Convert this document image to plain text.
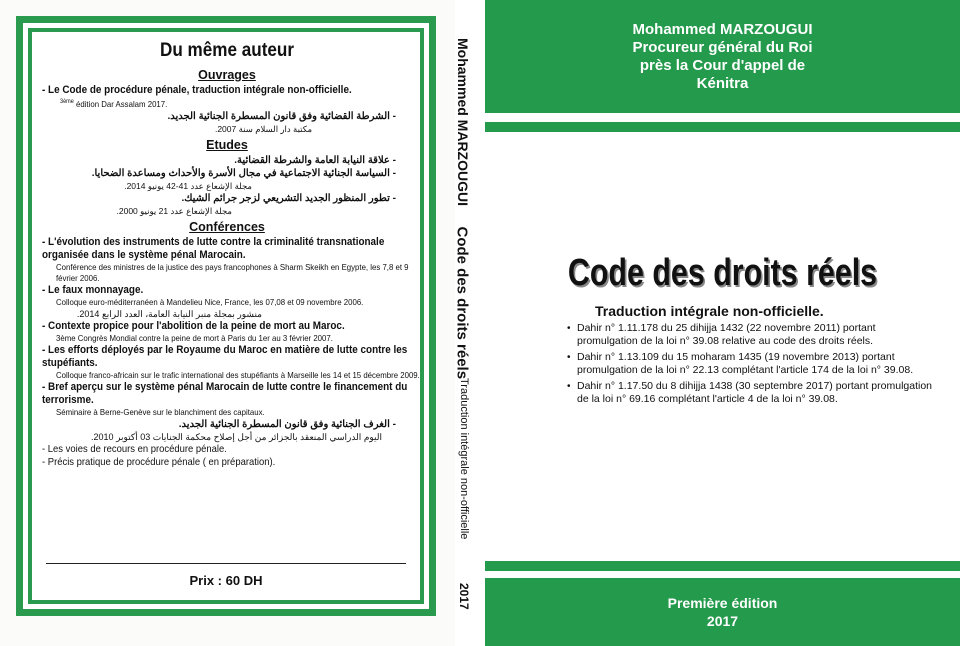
Du même auteur
Ouvrages
- Le Code de procédure pénale, traduction intégrale non-officielle.
$^{3ème}$ édition Dar Assalam 2017.
- الشرطة القضائية وفق قانون المسطرة الجنائية الجديد.
مكتبة دار السلام سنة 2007.
Etudes
- علاقة النيابة العامة والشرطة القضائية.
- السياسة الجنائية الاجتماعية في مجال الأسرة والأحداث ومساعدة الضحايا.
مجلة الإشعاع عدد 41-42 يونيو 2014.
- تطور المنظور الجديد التشريعي لزجر جرائم الشيك.
مجلة الإشعاع عدد 21 يونيو 2000.
Conférences
- L'évolution des instruments de lutte contre la criminalité transnationale organisée dans le système pénal Marocain.
Conférence des ministres de la justice des pays francophones à Sharm Skeikh en Egypte, les 7,8 et 9 février 2006.
- Le faux monnayage.
Colloque euro-méditerranéen à Mandelieu Nice, France, les 07,08 et 09 novembre 2006.
منشور بمجلة منبر النيابة العامة، العدد الرابع 2014.
- Contexte propice pour l'abolition de la peine de mort au Maroc.
3ème Congrès Mondial contre la peine de mort à Paris du 1er au 3 février 2007.
- Les efforts déployés par le Royaume du Maroc en matière de lutte contre les stupéfiants.
Colloque franco-africain sur le trafic international des stupéfiants à Marseille les 14 et 15 décembre 2009.
- Bref aperçu sur le système pénal Marocain de lutte contre le financement du terrorisme.
Séminaire à Berne-Genève sur le blanchiment des capitaux.
- الغرف الجنائية وفق قانون المسطرة الجنائية الجديد.
اليوم الدراسي المنعقد بالجزائر من أجل إصلاح محكمة الجنايات 03 أكتوبر 2010.
- Les voies de recours en procédure pénale.
- Précis pratique de procédure pénale ( en préparation).
Prix : 60 DH
Mohammed MARZOUGUI
Code des droits réels
Traduction intégrale non-officielle
2017
Mohammed MARZOUGUI
Procureur général du Roi
près la Cour d'appel de
Kénitra
Code des droits réels
Traduction intégrale non-officielle.
• Dahir n° 1.11.178 du 25 dihijja 1432 (22 novembre 2011) portant promulgation de la loi n° 39.08 relative au code des droits réels.
• Dahir n° 1.13.109 du 15 moharam 1435 (19 novembre 2013) portant promulgation de la loi n° 22.13 complétant l'article 174 de la loi n° 39.08.
• Dahir n° 1.17.50 du 8 dihijja 1438 (30 septembre 2017) portant promulgation de la loi n° 69.16 complétant l'article 4 de la loi n° 39.08.
Première édition
2017
